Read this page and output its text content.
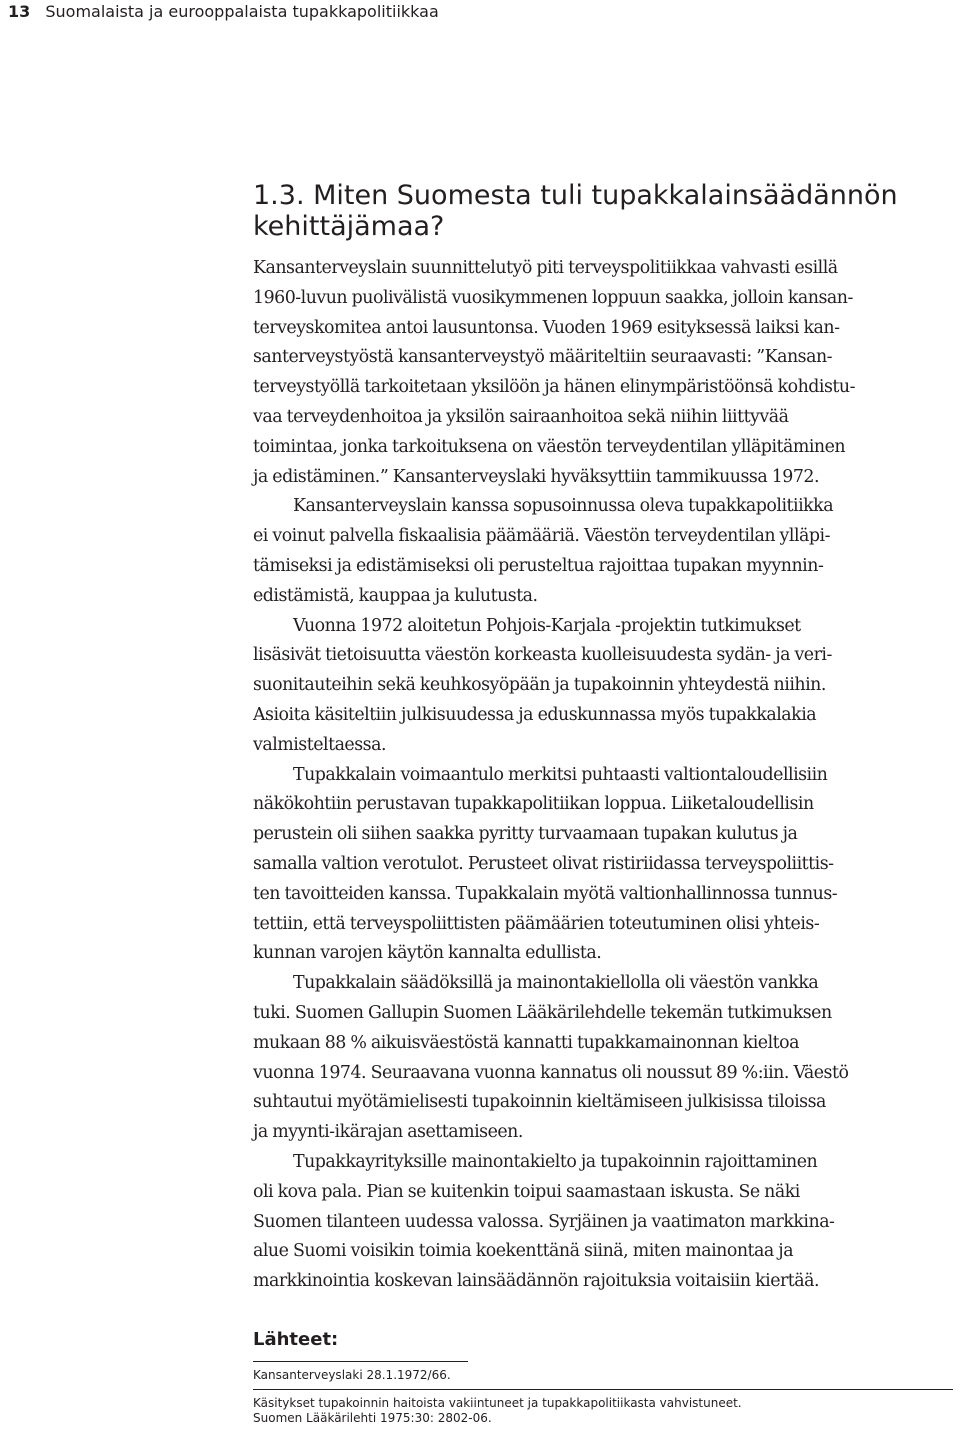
13 Suomalaista ja eurooppalaista tupakkapolitiikkaa
1.3. Miten Suomesta tuli tupakkalainsäädännön
kehittäjämaa?
Kansanterveyslain suunnittelutyö piti terveyspolitiikkaa vahvasti esillä
1960-luvun puolivälistä vuosikymmenen loppuun saakka, jolloin kansan-
terveyskomitea antoi lausuntonsa. Vuoden 1969 esityksessä laiksi kan-
santerveystyöstä kansanterveystyö määriteltiin seuraavasti: ”Kansan-
terveystyöllä tarkoitetaan yksilöön ja hänen elinympäristöönsä kohdistu-
vaa terveydenhoitoa ja yksilön sairaanhoitoa sekä niihin liittyvää
toimintaa, jonka tarkoituksena on väestön terveydentilan ylläpitäminen
ja edistäminen.” Kansanterveyslaki hyväksyttiin tammikuussa 1972.
Kansanterveyslain kanssa sopusoinnussa oleva tupakkapolitiikka
ei voinut palvella fiskaalisia päämääriä. Väestön terveydentilan ylläpi-
tämiseksi ja edistämiseksi oli perusteltua rajoittaa tupakan myynnin-
edistämistä, kauppaa ja kulutusta.
Vuonna 1972 aloitetun Pohjois-Karjala -projektin tutkimukset
lisäsivät tietoisuutta väestön korkeasta kuolleisuudesta sydän- ja veri-
suonitauteihin sekä keuhkosyöpään ja tupakoinnin yhteydestä niihin.
Asioita käsiteltiin julkisuudessa ja eduskunnassa myös tupakkalakia
valmisteltaessa.
Tupakkalain voimaantulo merkitsi puhtaasti valtiontaloudellisiin
näkökohtiin perustavan tupakkapolitiikan loppua. Liiketaloudellisin
perustein oli siihen saakka pyritty turvaamaan tupakan kulutus ja
samalla valtion verotulot. Perusteet olivat ristiriidassa terveyspoliittis-
ten tavoitteiden kanssa. Tupakkalain myötä valtionhallinnossa tunnus-
tettiin, että terveyspoliittisten päämäärien toteutuminen olisi yhteis-
kunnan varojen käytön kannalta edullista.
Tupakkalain säädöksillä ja mainontakiellolla oli väestön vankka
tuki. Suomen Gallupin Suomen Lääkärilehdelle tekemän tutkimuksen
mukaan 88 % aikuisväestöstä kannatti tupakkamainonnan kieltoa
vuonna 1974. Seuraavana vuonna kannatus oli noussut 89 %:iin. Väestö
suhtautui myötämielisesti tupakoinnin kieltämiseen julkisissa tiloissa
ja myynti-ikärajan asettamiseen.
Tupakkayrityksille mainontakielto ja tupakoinnin rajoittaminen
oli kova pala. Pian se kuitenkin toipui saamastaan iskusta. Se näki
Suomen tilanteen uudessa valossa. Syrjäinen ja vaatimaton markkina-
alue Suomi voisikin toimia koekenttänä siinä, miten mainontaa ja
markkinointia koskevan lainsäädännön rajoituksia voitaisiin kiertää.
Lähteet:
Kansanterveyslaki 28.1.1972/66.
Käsitykset tupakoinnin haitoista vakiintuneet ja tupakkapolitiikasta vahvistuneet.
Suomen Lääkärilehti 1975:30: 2802-06.
